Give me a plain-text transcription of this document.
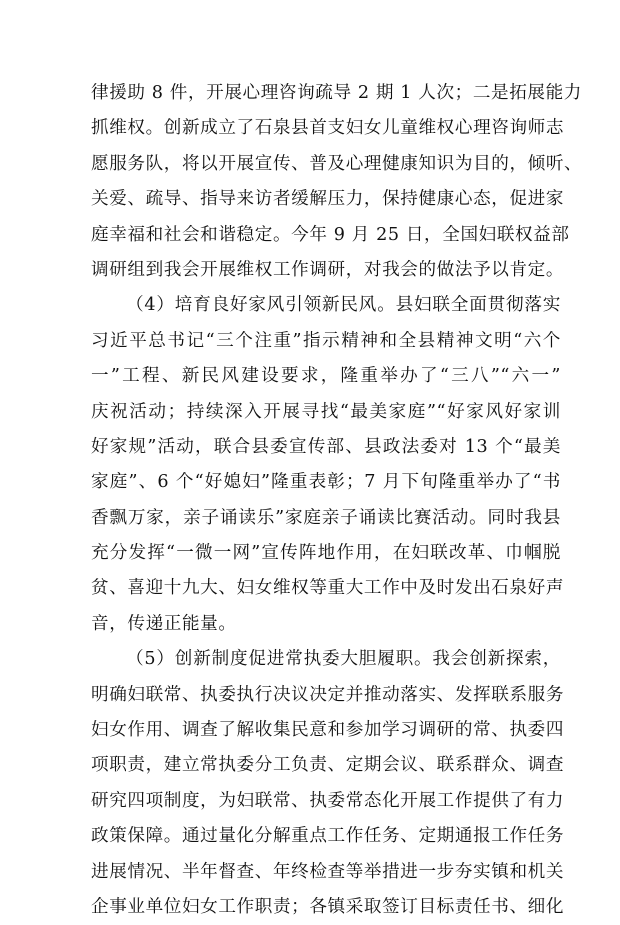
律援助 8 件，开展心理咨询疏导 2 期 1 人次；二是拓展能力
抓维权。创新成立了石泉县首支妇女儿童维权心理咨询师志
愿服务队，将以开展宣传、普及心理健康知识为目的，倾听、
关爱、疏导、指导来访者缓解压力，保持健康心态，促进家
庭幸福和社会和谐稳定。今年 9 月 25 日，全国妇联权益部
调研组到我会开展维权工作调研，对我会的做法予以肯定。
（4）培育良好家风引领新民风。县妇联全面贯彻落实
习近平总书记“三个注重”指示精神和全县精神文明“六个
一”工程、新民风建设要求，隆重举办了“三八”“六一”
庆祝活动；持续深入开展寻找“最美家庭”“好家风好家训
好家规”活动，联合县委宣传部、县政法委对 13 个“最美
家庭”、6 个“好媳妇”隆重表彰；7 月下旬隆重举办了“书
香飘万家，亲子诵读乐”家庭亲子诵读比赛活动。同时我县
充分发挥“一微一网”宣传阵地作用，在妇联改革、巾帼脱
贫、喜迎十九大、妇女维权等重大工作中及时发出石泉好声
音，传递正能量。
（5）创新制度促进常执委大胆履职。我会创新探索，
明确妇联常、执委执行决议决定并推动落实、发挥联系服务
妇女作用、调查了解收集民意和参加学习调研的常、执委四
项职责，建立常执委分工负责、定期会议、联系群众、调查
研究四项制度，为妇联常、执委常态化开展工作提供了有力
政策保障。通过量化分解重点工作任务、定期通报工作任务
进展情况、半年督查、年终检查等举措进一步夯实镇和机关
企事业单位妇女工作职责；各镇采取签订目标责任书、细化
